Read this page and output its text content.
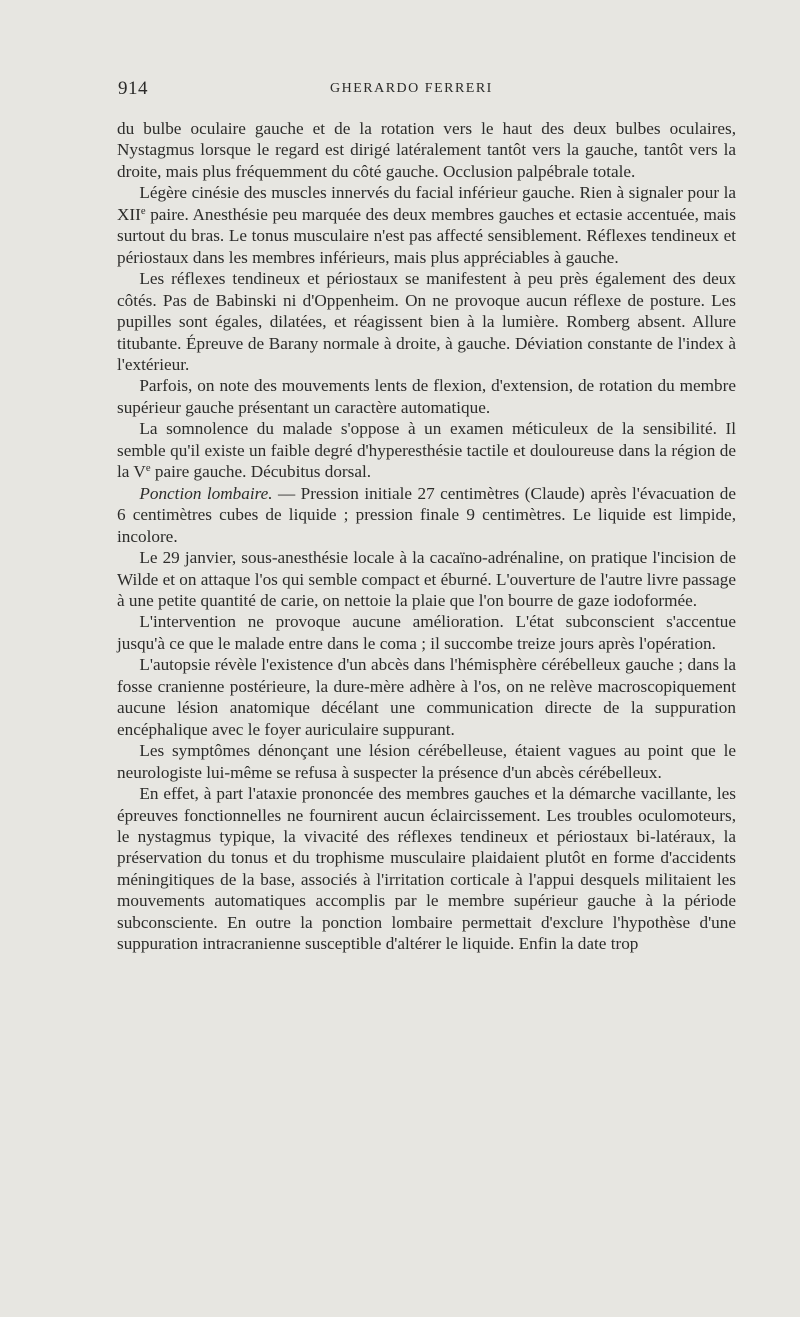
914	GHERARDO FERRERI

du bulbe oculaire gauche et de la rotation vers le haut des deux bulbes oculaires, Nystagmus lorsque le regard est dirigé latéralement tantôt vers la gauche, tantôt vers la droite, mais plus fréquemment du côté gauche. Occlusion palpébrale totale.

Légère cinésie des muscles innervés du facial inférieur gauche. Rien à signaler pour la XIIe paire. Anesthésie peu marquée des deux membres gauches et ectasie accentuée, mais surtout du bras. Le tonus musculaire n'est pas affecté sensiblement. Réflexes tendineux et périostaux dans les membres inférieurs, mais plus appréciables à gauche.

Les réflexes tendineux et périostaux se manifestent à peu près également des deux côtés. Pas de Babinski ni d'Oppenheim. On ne provoque aucun réflexe de posture. Les pupilles sont égales, dilatées, et réagissent bien à la lumière. Romberg absent. Allure titubante. Épreuve de Barany normale à droite, à gauche. Déviation constante de l'index à l'extérieur.

Parfois, on note des mouvements lents de flexion, d'extension, de rotation du membre supérieur gauche présentant un caractère automatique.

La somnolence du malade s'oppose à un examen méticuleux de la sensibilité. Il semble qu'il existe un faible degré d'hyperesthésie tactile et douloureuse dans la région de la Ve paire gauche. Décubitus dorsal.

Ponction lombaire. — Pression initiale 27 centimètres (Claude) après l'évacuation de 6 centimètres cubes de liquide ; pression finale 9 centimètres. Le liquide est limpide, incolore.

Le 29 janvier, sous-anesthésie locale à la cacaïno-adrénaline, on pratique l'incision de Wilde et on attaque l'os qui semble compact et éburné. L'ouverture de l'autre livre passage à une petite quantité de carie, on nettoie la plaie que l'on bourre de gaze iodoformée.

L'intervention ne provoque aucune amélioration. L'état subconscient s'accentue jusqu'à ce que le malade entre dans le coma ; il succombe treize jours après l'opération.

L'autopsie révèle l'existence d'un abcès dans l'hémisphère cérébelleux gauche ; dans la fosse cranienne postérieure, la dure-mère adhère à l'os, on ne relève macroscopiquement aucune lésion anatomique décélant une communication directe de la suppuration encéphalique avec le foyer auriculaire suppurant.

Les symptômes dénonçant une lésion cérébelleuse, étaient vagues au point que le neurologiste lui-même se refusa à suspecter la présence d'un abcès cérébelleux.

En effet, à part l'ataxie prononcée des membres gauches et la démarche vacillante, les épreuves fonctionnelles ne fournirent aucun éclaircissement. Les troubles oculomoteurs, le nystagmus typique, la vivacité des réflexes tendineux et périostaux bi-latéraux, la préservation du tonus et du trophisme musculaire plaidaient plutôt en forme d'accidents méningitiques de la base, associés à l'irritation corticale à l'appui desquels militaient les mouvements automatiques accomplis par le membre supérieur gauche à la période subconsciente. En outre la ponction lombaire permettait d'exclure l'hypothèse d'une suppuration intracranienne susceptible d'altérer le liquide. Enfin la date trop
